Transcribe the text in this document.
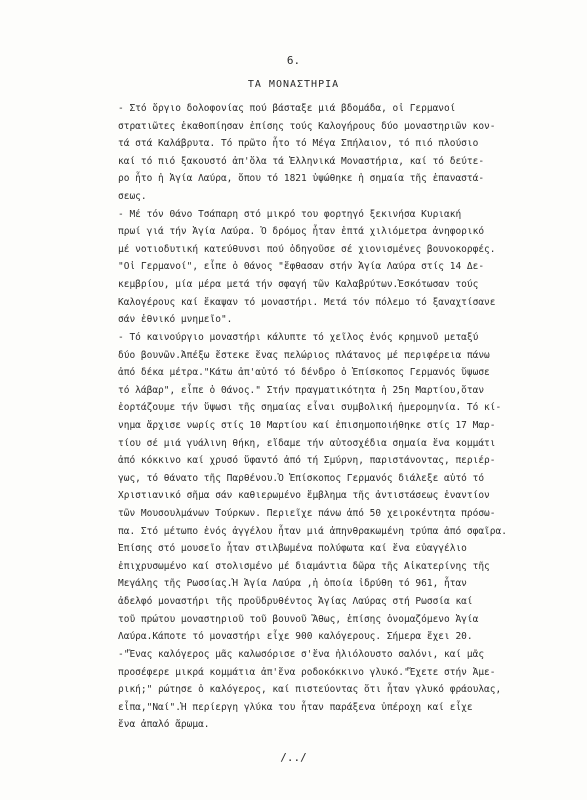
6.
ΤΑ ΜΟΝΑΣΤΗΡΙΑ
- Στό ὄργιο δολοφονίας πού βάσταξε μιά βδομάδα, οἱ Γερμανοί
στρατιῶτες ἐκαθοπίησαν ἐπίσης τούς Καλογήρους δύο μοναστηριῶν κον-
τά στά Καλάβρυτα. Τό πρῶτο ἦτο τό Μέγα Σπήλαιον, τό πιό πλούσιο
καί τό πιό ξακουστό ἀπ'ὅλα τά Ἑλληνικά Μοναστήρια, καί τό δεύτε-
ρο ἦτο ἡ Ἁγία Λαύρα, ὅπου τό 1821 ὑψώθηκε ἡ σημαία τῆς ἐπαναστά-
σεως.
- Μέ τόν Θάνο Τσάπαρη στό μικρό του φορτηγό ξεκινήσα Κυριακή
πρωί γιά τήν Ἁγία Λαύρα. Ὁ δρόμος ἦταν ἑπτά χιλιόμετρα ἀνηφορικό
μέ νοτιοδυτική κατεύθυνσι πού ὁδηγοῦσε σέ χιονισμένες βουνοκορφές.
"Οἱ Γερμανοί", εἶπε ὁ Θάνος "ἔφθασαν στήν Ἁγία Λαύρα στίς 14 Δε-
κεμβρίου, μία μέρα μετά τήν σφαγή τῶν Καλαβρύτων.Ἐσκότωσαν τούς
Καλογέρους καί ἔκαψαν τό μοναστήρι. Μετά τόν πόλεμο τό ξαναχτίσανε
σάν ἐθνικό μνημεῖο".
- Τό καινούργιο μοναστήρι κάλυπτε τό χεῖλος ἑνός κρημνοῦ μεταξύ
δύο βουνῶν.Ἀπέξω ἔστεκε ἕνας πελώριος πλάτανος μέ περιφέρεια πάνω
ἀπό δέκα μέτρα."Κάτω ἀπ'αὐτό τό δένδρο ὁ Ἐπίσκοπος Γερμανός ὕψωσε
τό λάβαρ", εἶπε ὁ Θάνος." Στήν πραγματικότητα ἡ 25η Μαρτίου,ὅταν
ἑορτάζουμε τήν ὕψωσι τῆς σημαίας εἶναι συμβολική ἡμερομηνία. Τό κί-
νημα ἄρχισε νωρίς στίς 10 Μαρτίου καί ἐπισημοποιήθηκε στίς 17 Μαρ-
τίου σέ μιά γυάλινη θήκη, εἴδαμε τήν αὐτοσχέδια σημαία ἕνα κομμάτι
ἀπό κόκκινο καί χρυσό ὕφαντό ἀπό τή Σμύρνη, παριστάνοντας, περιέρ-
γως, τό θάνατο τῆς Παρθένου.Ὁ Ἐπίσκοπος Γερμανός διάλεξε αὐτό τό
Χριστιανικό σῆμα σάν καθιερωμένο ἔμβλημα τῆς ἀντιστάσεως ἐναντίον
τῶν Μουσουλμάνων Τούρκων. Περιεῖχε πάνω ἀπό 50 χειροκέντητα πρόσω-
πα. Στό μέτωπο ἑνός ἀγγέλου ἦταν μιά ἀπηνθρακωμένη τρύπα ἀπό σφαῖρα.
Ἐπίσης στό μουσεῖο ἦταν στιλβωμένα πολύφωτα καί ἕνα εὐαγγέλιο
ἐπιχρυσωμένο καί στολισμένο μέ διαμάντια δῶρα τῆς Αἰκατερίνης τῆς
Μεγάλης τῆς Ρωσσίας.Ἡ Ἁγία Λαύρα ,ἡ ὁποία ἱδρύθη τό 961, ἦταν
ἀδελφό μοναστήρι τῆς προϋδρυθέντος Ἁγίας Λαύρας στή Ρωσσία καί
τοῦ πρώτου μοναστηριοῦ τοῦ βουνοῦ Ἄθως, ἐπίσης ὀνομαζόμενο Ἁγία
Λαύρα.Κάποτε τό μοναστήρι εἶχε 900 καλόγερους. Σήμερα ἔχει 20.
-"Ἕνας καλόγερος μᾶς καλωσόρισε σ'ἕνα ἡλιόλουστο σαλόνι, καί μᾶς
προσέφερε μικρά κομμάτια ἀπ'ἕνα ροδοκόκκινο γλυκό."Ἔχετε στήν Ἀμε-
ρική;" ρώτησε ὁ καλόγερος, καί πιστεύοντας ὅτι ἦταν γλυκό φράουλας,
εἶπα,"Ναί".Ἡ περίεργη γλύκα του ἦταν παράξενα ὑπέροχη καί εἶχε
ἕνα ἁπαλό ἄρωμα.
/../
